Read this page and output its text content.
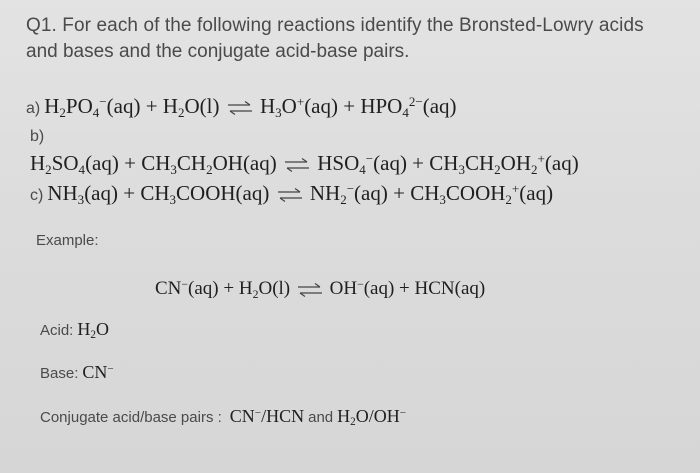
Q1. For each of the following reactions identify the Bronsted-Lowry acids
and bases and the conjugate acid-base pairs.
a) $H_2PO_4^-(aq) + H_2O(l)$ ⇌ $H_3O^+(aq) + HPO_4^{2-}(aq)$
b)
$H_2SO_4(aq) + CH_3CH_2OH(aq)$ ⇌ $HSO_4^-(aq) + CH_3CH_2OH_2^+(aq)$
c) $NH_3(aq)$ + $CH_3COOH(aq)$ ⇌ $NH_2^-(aq)$ + $CH_3COOH_2^+(aq)$
Example:
$CN^-(aq) + H_2O(l)$ ⇌ OH−(aq) + HCN(aq)
Acid: $H_2O$
Base: CN−
Conjugate acid/base pairs : CN−/HCN and $H_2O/OH^-$
